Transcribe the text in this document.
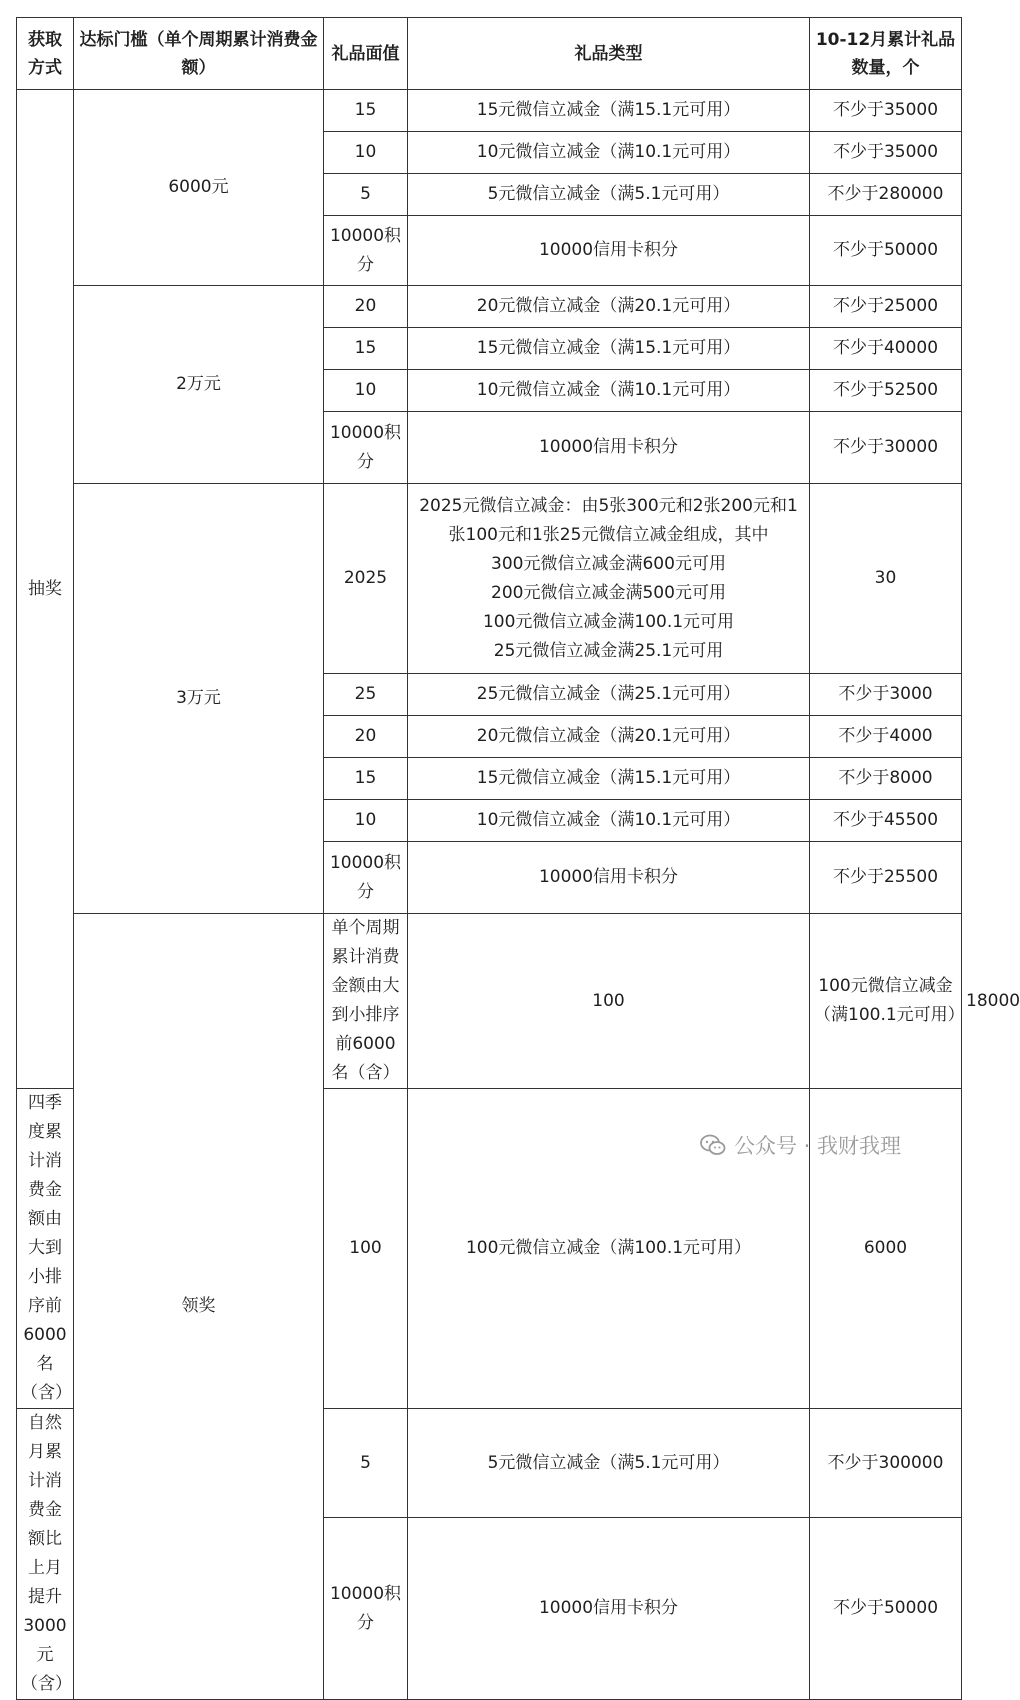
获取方式	达标门槛（单个周期累计消费金额）	礼品面值	礼品类型	10-12月累计礼品数量，个	
抽奖	6000元	15	15元微信立减金（满15.1元可用）	不少于35000	
		10	10元微信立减金（满10.1元可用）	不少于35000	
		5	5元微信立减金（满5.1元可用）	不少于280000	
		10000积分	10000信用卡积分	不少于50000	
	2万元	20	20元微信立减金（满20.1元可用）	不少于25000	
		15	15元微信立减金（满15.1元可用）	不少于40000	
		10	10元微信立减金（满10.1元可用）	不少于52500	
		10000积分	10000信用卡积分	不少于30000	
	3万元	2025	2025元微信立减金：由5张300元和2张200元和1张100元和1张25元微信立减金组成，其中
300元微信立减金满600元可用
200元微信立减金满500元可用
100元微信立减金满100.1元可用
25元微信立减金满25.1元可用	30	
		25	25元微信立减金（满25.1元可用）	不少于3000	
		20	20元微信立减金（满20.1元可用）	不少于4000	
		15	15元微信立减金（满15.1元可用）	不少于8000	
		10	10元微信立减金（满10.1元可用）	不少于45500	
		10000积分	10000信用卡积分	不少于25500	
	领奖	单个周期累计消费金额由大到小排序前6000名（含）	100	100元微信立减金（满100.1元可用）	18000
四季度累计消费金额由大到小排序前6000名（含）		100	100元微信立减金（满100.1元可用）	6000	
自然月累计消费金额比上月提升3000元（含）		5	5元微信立减金（满5.1元可用）	不少于300000	
		10000积分	10000信用卡积分	不少于50000	
公众号 · 我财我理
